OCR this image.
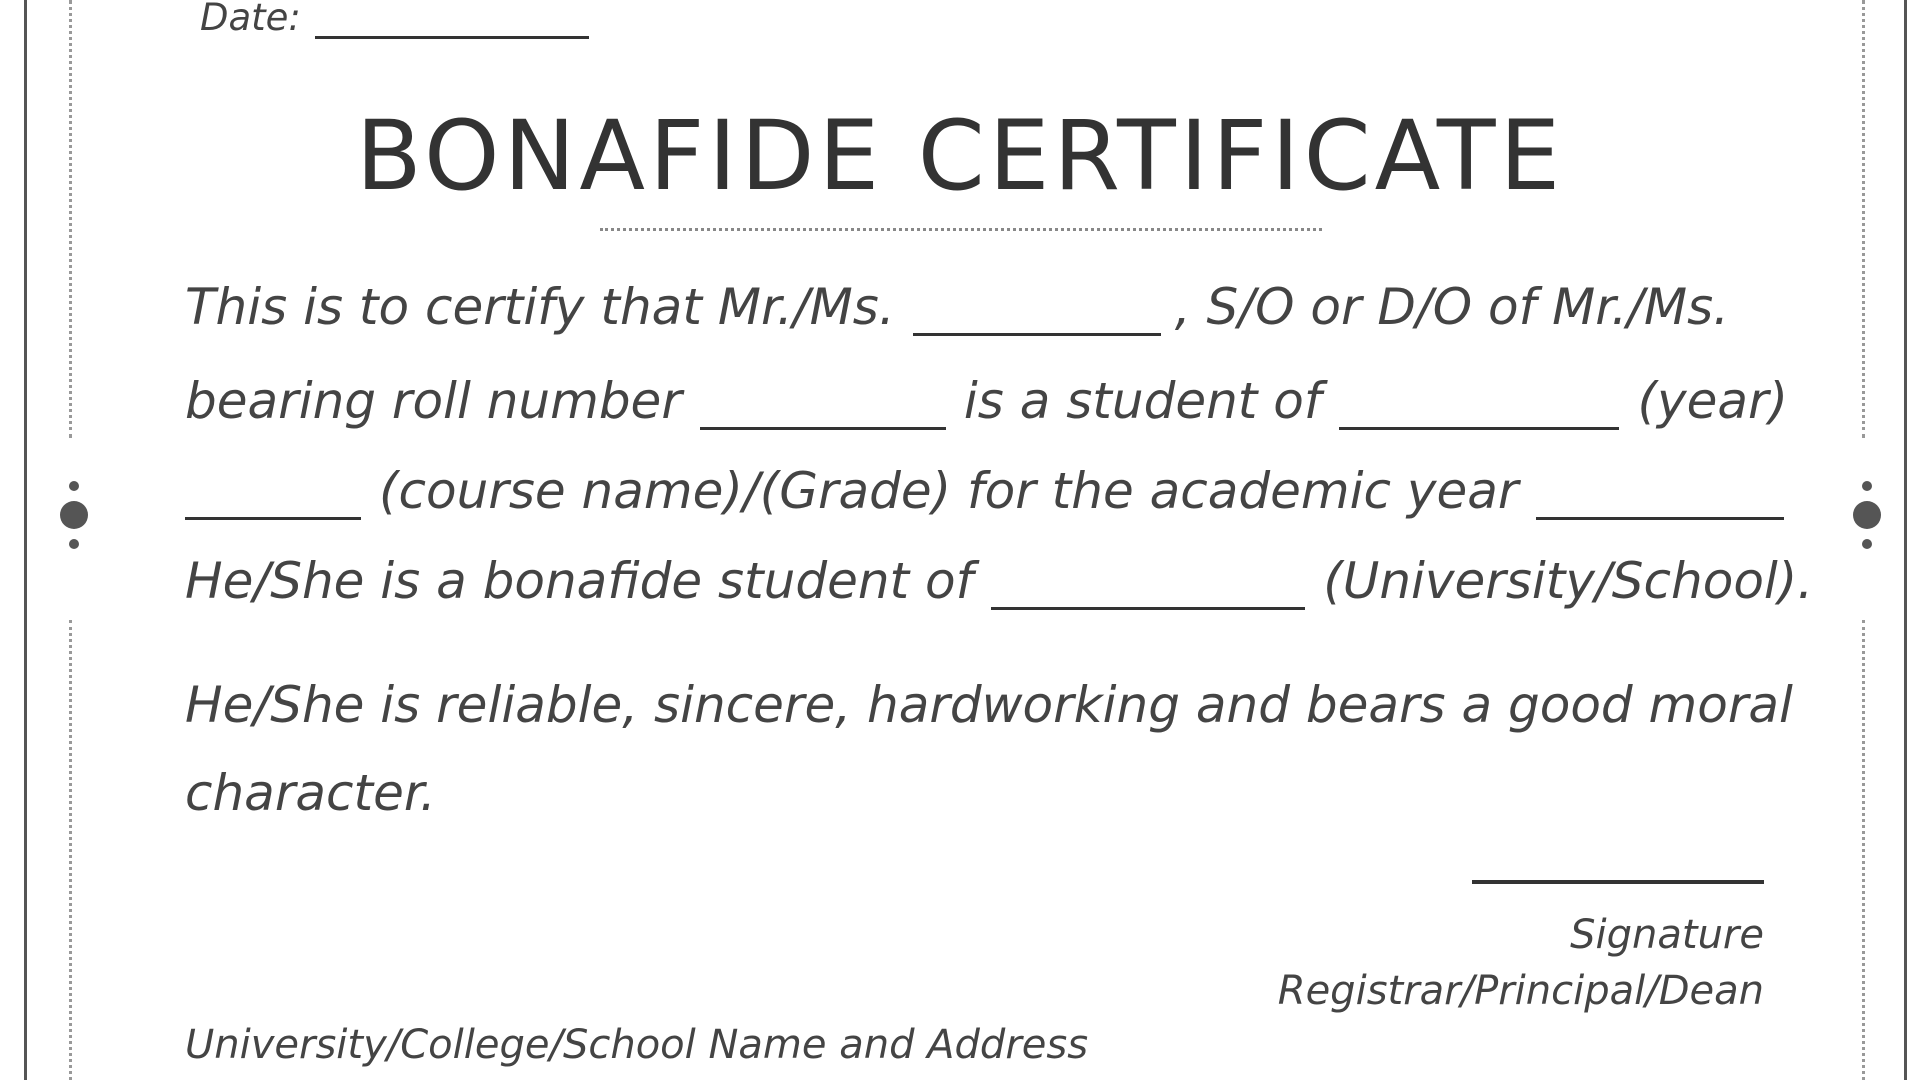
Date:
BONAFIDE CERTIFICATE
This is to certify that Mr./Ms.	, S/O or D/O of Mr./Ms.
bearing roll number	is a student of	(year)
(course name)/(Grade) for the academic year
He/She is a bonafide student of	(University/School).
He/She is reliable, sincere, hardworking and bears a good moral
character.
Signature
Registrar/Principal/Dean
University/College/School Name and Address
